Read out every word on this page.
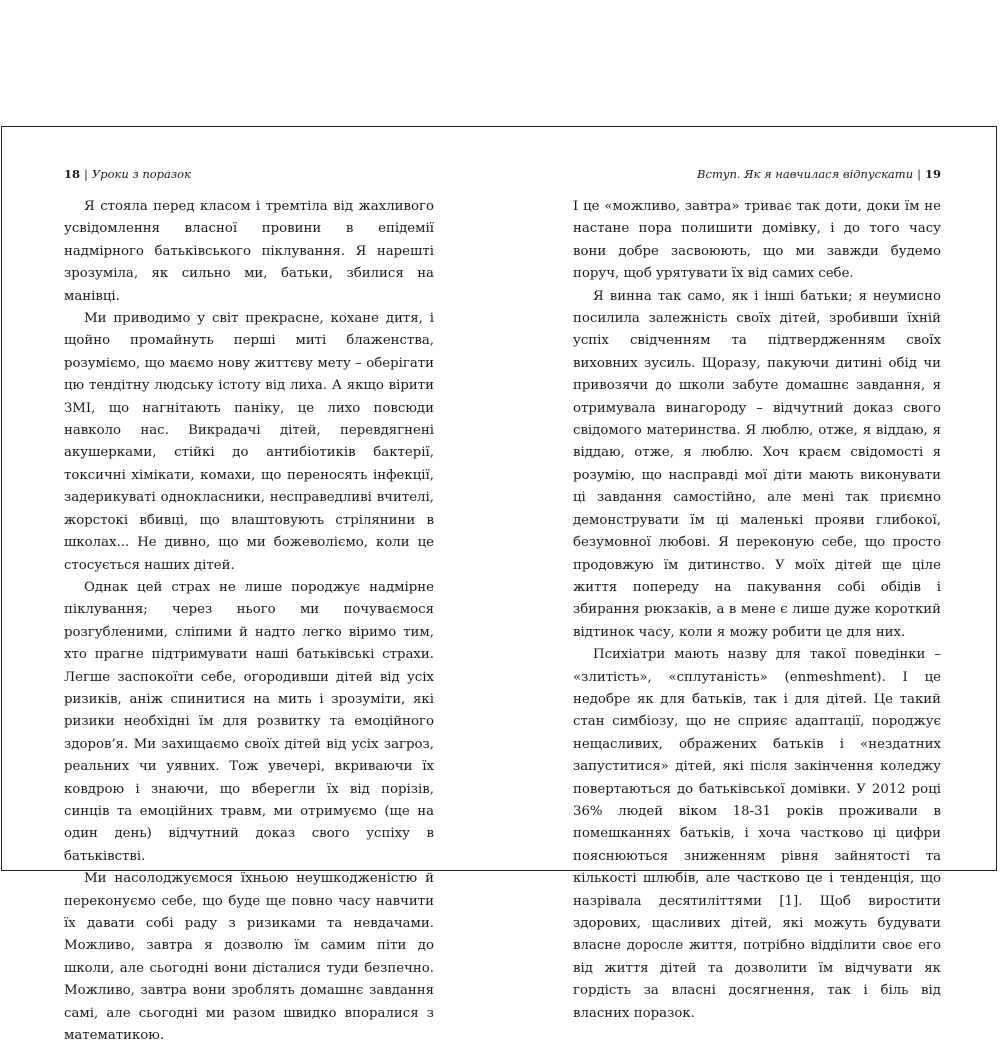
18 | Уроки з поразок

Я стояла перед класом і тремтіла від жахливого усвідомлення власної провини в епідемії надмірного батьківського піклування. Я нарешті зрозуміла, як сильно ми, батьки, збилися на манівці.

Ми приводимо у світ прекрасне, кохане дитя, і щойно промайнуть перші миті блаженства, розуміємо, що маємо нову життєву мету – оберігати цю тендітну людську істоту від лиха. А якщо вірити ЗМІ, що нагнітають паніку, це лихо повсюди навколо нас. Викрадачі дітей, перевдягнені акушерками, стійкі до антибіотиків бактерії, токсичні хімікати, комахи, що переносять інфекції, задерикуваті однокласники, несправедливі вчителі, жорстокі вбивці, що влаштовують стрілянини в школах... Не дивно, що ми божеволіємо, коли це стосується наших дітей.

Однак цей страх не лише породжує надмірне піклування; через нього ми почуваємося розгубленими, сліпими й надто легко віримо тим, хто прагне підтримувати наші батьківські страхи. Легше заспокоїти себе, огородивши дітей від усіх ризиків, аніж спинитися на мить і зрозуміти, які ризики необхідні їм для розвитку та емоційного здоров’я. Ми захищаємо своїх дітей від усіх загроз, реальних чи уявних. Тож увечері, вкриваючи їх ковдрою і знаючи, що вберегли їх від порізів, синців та емоційних травм, ми отримуємо (ще на один день) відчутний доказ свого успіху в батьківстві.

Ми насолоджуємося їхньою неушкодженістю й переконуємо себе, що буде ще повно часу навчити їх давати собі раду з ризиками та невдачами. Можливо, завтра я дозволю їм самим піти до школи, але сьогодні вони дісталися туди безпечно. Можливо, завтра вони зроблять домашнє завдання самі, але сьогодні ми разом швидко впоралися з математикою.

Вступ. Як я навчилася відпускати | 19

І це «можливо, завтра» триває так доти, доки їм не настане пора полишити домівку, і до того часу вони добре засвоюють, що ми завжди будемо поруч, щоб урятувати їх від самих себе.

Я винна так само, як і інші батьки; я неумисно посилила залежність своїх дітей, зробивши їхній успіх свідченням та підтвердженням своїх виховних зусиль. Щоразу, пакуючи дитині обід чи привозячи до школи забуте домашнє завдання, я отримувала винагороду – відчутний доказ свого свідомого материнства. Я люблю, отже, я віддаю, я віддаю, отже, я люблю. Хоч краєм свідомості я розумію, що насправді мої діти мають виконувати ці завдання самостійно, але мені так приємно демонструвати їм ці маленькі прояви глибокої, безумовної любові. Я переконую себе, що просто продовжую їм дитинство. У моїх дітей ще ціле життя попереду на пакування собі обідів і збирання рюкзаків, а в мене є лише дуже короткий відтинок часу, коли я можу робити це для них.

Психіатри мають назву для такої поведінки – «злитість», «сплутаність» (enmeshment). І це недобре як для батьків, так і для дітей. Це такий стан симбіозу, що не сприяє адаптації, породжує нещасливих, ображених батьків і «нездатних запуститися» дітей, які після закінчення коледжу повертаються до батьківської домівки. У 2012 році 36% людей віком 18-31 років проживали в помешканнях батьків, і хоча частково ці цифри пояснюються зниженням рівня зайнятості та кількості шлюбів, але частково це і тенденція, що назрівала десятиліттями [1]. Щоб виростити здорових, щасливих дітей, які можуть будувати власне доросле життя, потрібно відділити своє его від життя дітей та дозволити їм відчувати як гордість за власні досягнення, так і біль від власних поразок.
